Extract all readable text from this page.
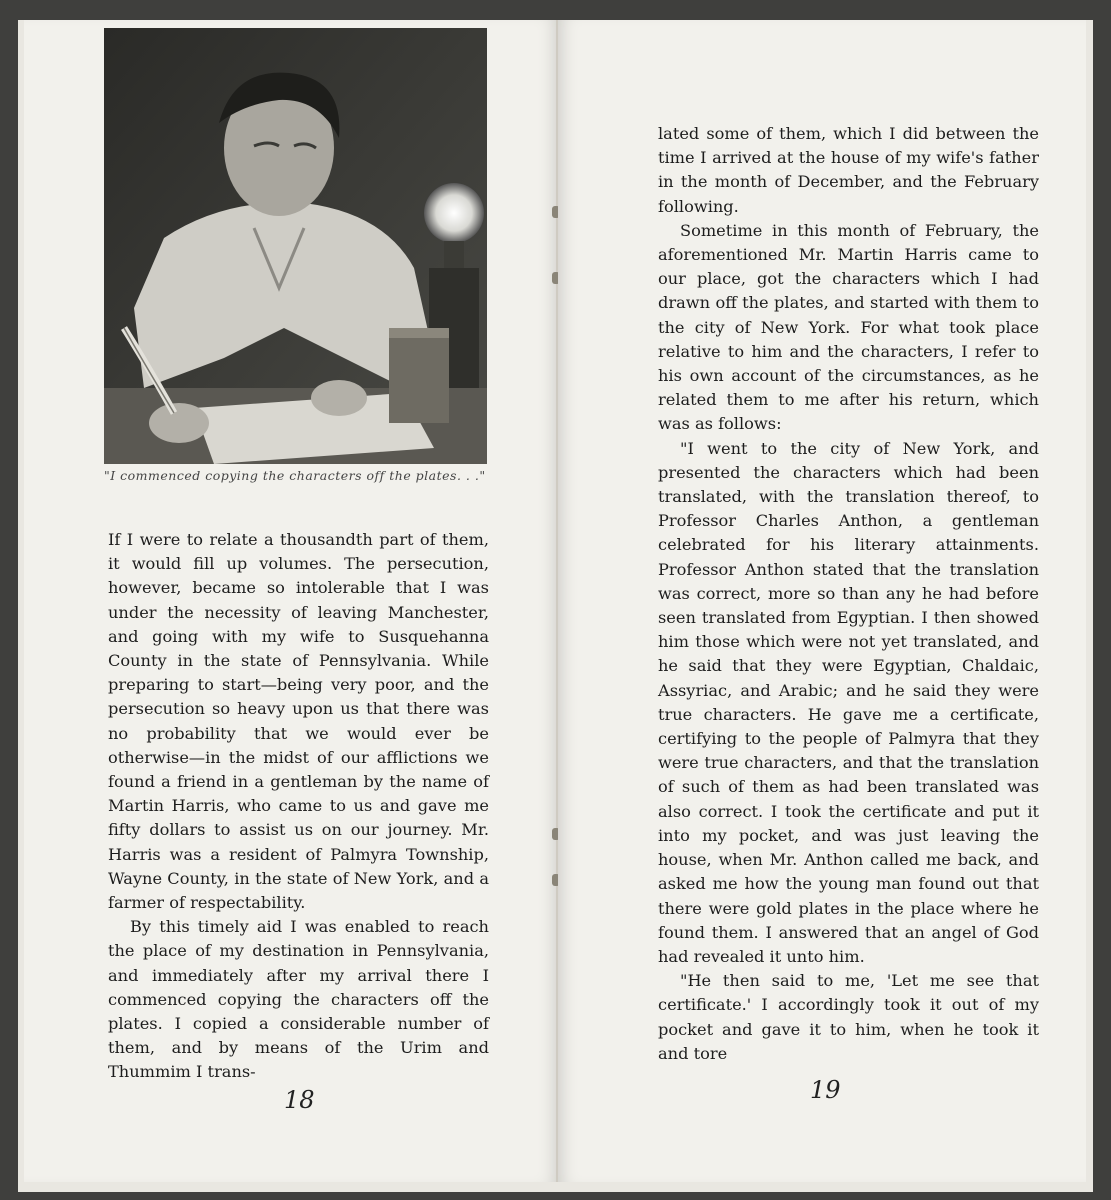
"I commenced copying the characters off the plates. . ."

If I were to relate a thousandth part of them, it would fill up volumes. The persecution, however, became so intolerable that I was under the necessity of leaving Manchester, and going with my wife to Susquehanna County in the state of Pennsylvania. While preparing to start—being very poor, and the persecution so heavy upon us that there was no probability that we would ever be otherwise—in the midst of our afflictions we found a friend in a gentleman by the name of Martin Harris, who came to us and gave me fifty dollars to assist us on our journey. Mr. Harris was a resident of Palmyra Township, Wayne County, in the state of New York, and a farmer of respectability.

By this timely aid I was enabled to reach the place of my destination in Pennsylvania, and immediately after my arrival there I commenced copying the characters off the plates. I copied a considerable number of them, and by means of the Urim and Thummim I trans-

18

lated some of them, which I did between the time I arrived at the house of my wife's father in the month of December, and the February following.

Sometime in this month of February, the aforementioned Mr. Martin Harris came to our place, got the characters which I had drawn off the plates, and started with them to the city of New York. For what took place relative to him and the characters, I refer to his own account of the circumstances, as he related them to me after his return, which was as follows:

"I went to the city of New York, and presented the characters which had been translated, with the translation thereof, to Professor Charles Anthon, a gentleman celebrated for his literary attainments. Professor Anthon stated that the translation was correct, more so than any he had before seen translated from Egyptian. I then showed him those which were not yet translated, and he said that they were Egyptian, Chaldaic, Assyriac, and Arabic; and he said they were true characters. He gave me a certificate, certifying to the people of Palmyra that they were true characters, and that the translation of such of them as had been translated was also correct. I took the certificate and put it into my pocket, and was just leaving the house, when Mr. Anthon called me back, and asked me how the young man found out that there were gold plates in the place where he found them. I answered that an angel of God had revealed it unto him.

"He then said to me, 'Let me see that certificate.' I accordingly took it out of my pocket and gave it to him, when he took it and tore

19
